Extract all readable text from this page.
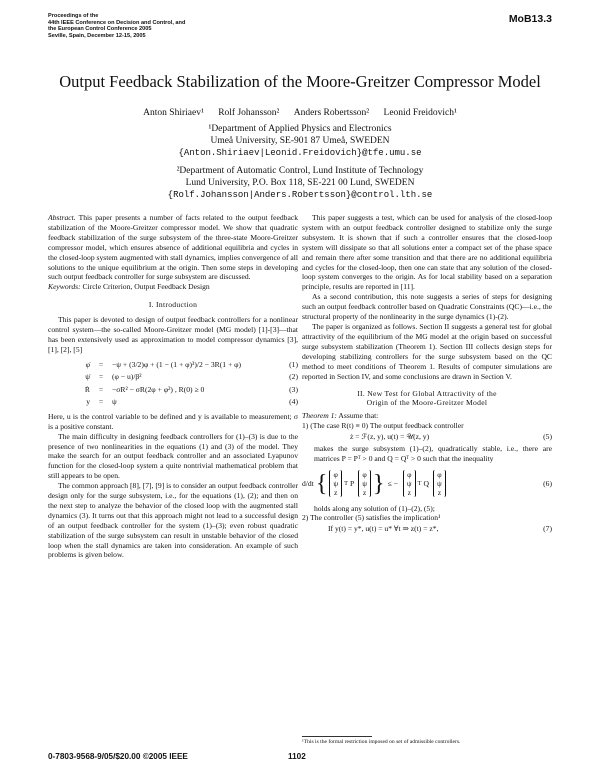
Proceedings of the
44th IEEE Conference on Decision and Control, and
the European Control Conference 2005
Seville, Spain, December 12-15, 2005
MoB13.3
Output Feedback Stabilization of the Moore-Greitzer Compressor Model
Anton Shiriaev¹ Rolf Johansson² Anders Robertsson² Leonid Freidovich¹
¹Department of Applied Physics and Electronics
Umeå University, SE-901 87 Umeå, SWEDEN
{Anton.Shiriaev|Leonid.Freidovich}@tfe.umu.se
²Department of Automatic Control, Lund Institute of Technology
Lund University, P.O. Box 118, SE-221 00 Lund, SWEDEN
{Rolf.Johansson|Anders.Robertsson}@control.lth.se

Abstract. This paper presents a number of facts related to the output feedback stabilization of the Moore-Greitzer compressor model. We show that quadratic feedback stabilization of the surge subsystem of the three-state Moore-Greitzer compressor model, which ensures absence of additional equilibria and cycles in the closed-loop system augmented with stall dynamics, implies convergence of all solutions to the unique equilibrium at the origin. Then some steps in developing such output feedback controller for surge subsystem are discussed.

Keywords: Circle Criterion, Output Feedback Design

I. Introduction

This paper is devoted to design of output feedback controllers for a nonlinear control system—the so-called Moore-Greitzer model (MG model) [1]-[3]—that has been extensively used as approximation to model compressor dynamics [3], [1], [2], [5]

φ̇	=	−ψ + (3/2)φ + (1 − (1 + φ)³)/2 − 3R(1 + φ)	(1)
ψ̇	=	(φ − u)/β²	(2)
Ṙ	=	−σR² − σR(2φ + φ²) , R(0) ≥ 0	(3)
y	=	ψ	(4)

Here, u is the control variable to be defined and y is available to measurement; σ is a positive constant.

The main difficulty in designing feedback controllers for (1)–(3) is due to the presence of two nonlinearities in the equations (1) and (3) of the model. They make the search for an output feedback controller and an associated Lyapunov function for the closed-loop system a quite nontrivial mathematical problem that still appears to be open.

The common approach [8], [7], [9] is to consider an output feedback controller design only for the surge subsystem, i.e., for the equations (1), (2); and then on the next step to analyze the behavior of the closed loop with the augmented stall dynamics (3). It turns out that this approach might not lead to a successful design of an output feedback controller for the system (1)–(3); even robust quadratic stabilization of the surge subsystem can result in unstable behavior of the closed loop when the stall dynamics are taken into consideration. An example of such problems is given below.

This paper suggests a test, which can be used for analysis of the closed-loop system with an output feedback controller designed to stabilize only the surge subsystem. It is shown that if such a controller ensures that the closed-loop system will dissipate so that all solutions enter a compact set of the phase space and remain there after some transition and that there are no additional equilibria and cycles for the closed-loop, then one can state that any solution of the closed-loop system converges to the origin. As for local stability based on a separation principle, results are reported in [11].

As a second contribution, this note suggests a series of steps for designing such an output feedback controller based on Quadratic Constraints (QC)—i.e., the structural property of the nonlinearity in the surge dynamics (1)-(2).

The paper is organized as follows. Section II suggests a general test for global attractivity of the equilibrium of the MG model at the origin based on successful surge subsystem stabilization (Theorem 1). Section III collects design steps for developing stabilizing controllers for the surge subsystem based on the QC method to meet conditions of Theorem 1. Results of computer simulations are reported in Section IV, and some conclusions are drawn in Section V.

II. New Test for Global Attractivity of the
Origin of the Moore-Greitzer Model

Theorem 1: Assume that:

1) (The case R(t) ≡ 0) The output feedback controller
ż = ℱ(z, y), u(t) = 𝒰(z, y)	(5)
makes the surge subsystem (1)–(2), quadratically stable, i.e., there are matrices P = Pᵀ > 0 and Q = Qᵀ > 0 such that the inequality
d/dt { φ
ψ
z
T P
φ
ψ
z } ≤ −
φ
ψ
z
T Q
φ
ψ
z
(6)
holds along any solution of (1)–(2), (5);
2) The controller (5) satisfies the implication¹
If y(t) = y*, u(t) = u* ∀t ⇒ z(t) = z*,	(7)
¹This is the formal restriction imposed on set of admissible controllers.
0-7803-9568-9/05/$20.00 ©2005 IEEE	1102
